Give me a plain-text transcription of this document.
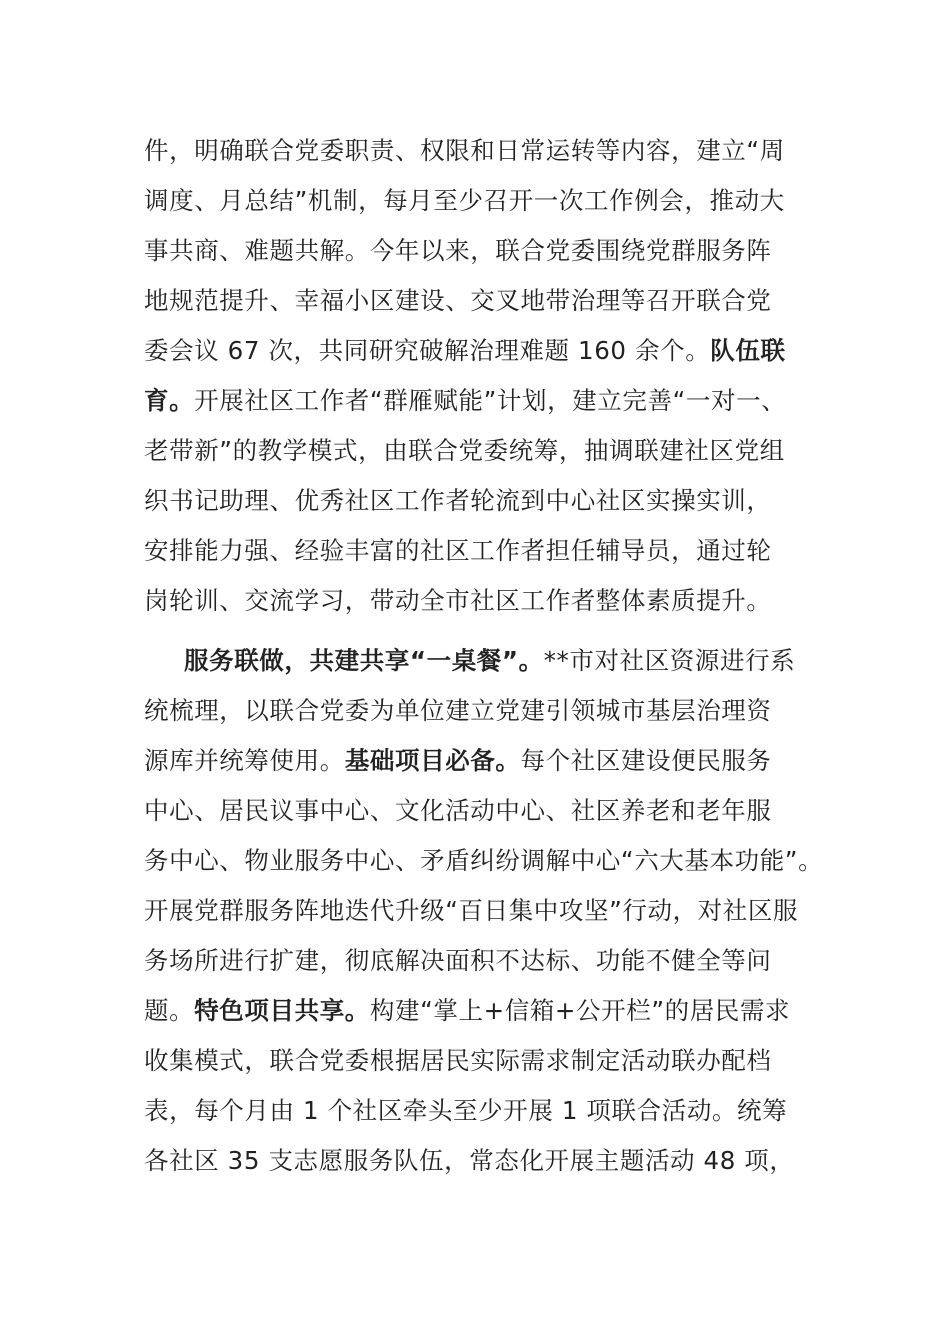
件，明确联合党委职责、权限和日常运转等内容，建立“周
调度、月总结”机制，每月至少召开一次工作例会，推动大
事共商、难题共解。今年以来，联合党委围绕党群服务阵
地规范提升、幸福小区建设、交叉地带治理等召开联合党
委会议 67 次，共同研究破解治理难题 160 余个。队伍联
育。开展社区工作者“群雁赋能”计划，建立完善“一对一、
老带新”的教学模式，由联合党委统筹，抽调联建社区党组
织书记助理、优秀社区工作者轮流到中心社区实操实训，
安排能力强、经验丰富的社区工作者担任辅导员，通过轮
岗轮训、交流学习，带动全市社区工作者整体素质提升。
服务联做，共建共享“一桌餐”。**市对社区资源进行系
统梳理，以联合党委为单位建立党建引领城市基层治理资
源库并统筹使用。基础项目必备。每个社区建设便民服务
中心、居民议事中心、文化活动中心、社区养老和老年服
务中心、物业服务中心、矛盾纠纷调解中心“六大基本功能”。
开展党群服务阵地迭代升级“百日集中攻坚”行动，对社区服
务场所进行扩建，彻底解决面积不达标、功能不健全等问
题。特色项目共享。构建“掌上+信箱+公开栏”的居民需求
收集模式，联合党委根据居民实际需求制定活动联办配档
表，每个月由 1 个社区牵头至少开展 1 项联合活动。统筹
各社区 35 支志愿服务队伍，常态化开展主题活动 48 项，
